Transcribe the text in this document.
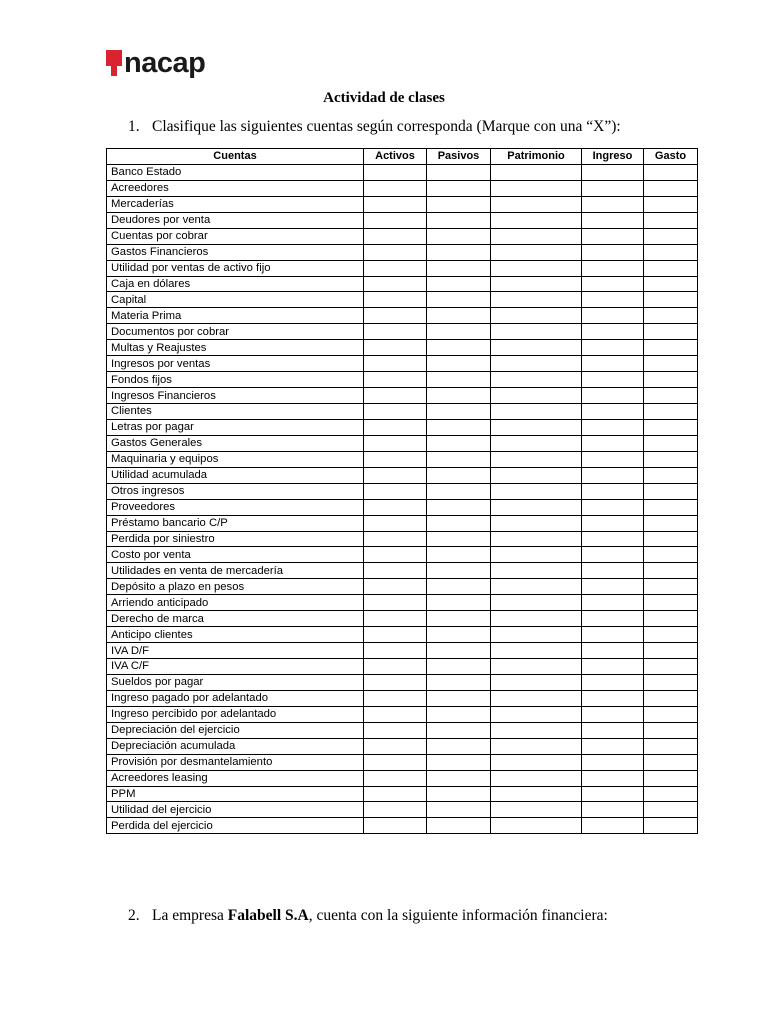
nacap
Actividad de clases
1. Clasifique las siguientes cuentas según corresponda (Marque con una “X”):
Cuentas	Activos	Pasivos	Patrimonio	Ingreso	Gasto
Banco Estado					
Acreedores					
Mercaderías					
Deudores por venta					
Cuentas por cobrar					
Gastos Financieros					
Utilidad por ventas de activo fijo					
Caja en dólares					
Capital					
Materia Prima					
Documentos por cobrar					
Multas y Reajustes					
Ingresos por ventas					
Fondos fijos					
Ingresos Financieros					
Clientes					
Letras por pagar					
Gastos Generales					
Maquinaria y equipos					
Utilidad acumulada					
Otros ingresos					
Proveedores					
Préstamo bancario C/P					
Perdida por siniestro					
Costo por venta					
Utilidades en venta de mercadería					
Depósito a plazo en pesos					
Arriendo anticipado					
Derecho de marca					
Anticipo clientes					
IVA D/F					
IVA C/F					
Sueldos por pagar					
Ingreso pagado por adelantado					
Ingreso percibido por adelantado					
Depreciación del ejercicio					
Depreciación acumulada					
Provisión por desmantelamiento					
Acreedores leasing					
PPM					
Utilidad del ejercicio					
Perdida del ejercicio					
2. La empresa Falabell S.A, cuenta con la siguiente información financiera:
